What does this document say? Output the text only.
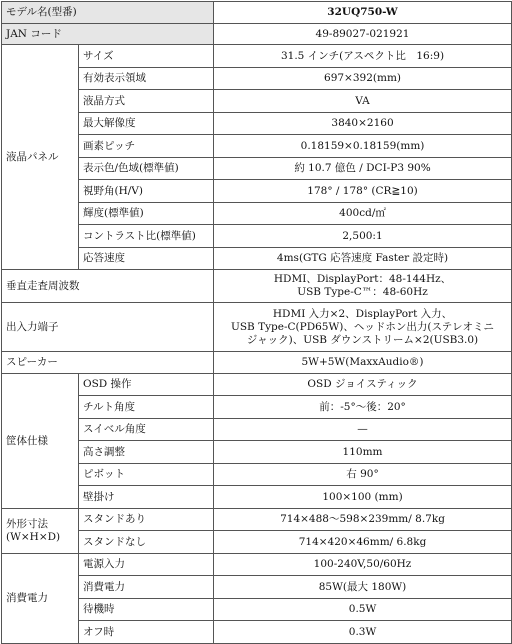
モデル名(型番)		32UQ750-W
JAN コード		49-89027-021921
液晶パネル	サイズ	31.5 インチ(アスペクト比　16:9)
	有効表示領域	697×392(mm)
	液晶方式	VA
	最大解像度	3840×2160
	画素ピッチ	0.18159×0.18159(mm)
	表示色/色域(標準値)	約 10.7 億色 / DCI-P3 90%
	視野角(H/V)	178° / 178° (CR≧10)
	輝度(標準値)	400cd/㎡
	コントラスト比(標準値)	2,500:1
	応答速度	4ms(GTG 応答速度 Faster 設定時)
垂直走査周波数		HDMI、DisplayPort：48-144Hz、
USB Type-C™：48-60Hz

出入力端子		HDMI 入力×2、DisplayPort 入力、
USB Type-C(PD65W)、ヘッドホン出力(ステレオミニ
ジャック)、USB ダウンストリーム×2(USB3.0)

スピーカー		5W+5W(MaxxAudio®)
筐体仕様	OSD 操作	OSD ジョイスティック
	チルト角度	前：-5°～後：20°
	スイベル角度	—
	高さ調整	110mm
	ピボット	右 90°
	壁掛け	100×100 (mm)

外形寸法
(W×H×D)	スタンドあり	714×488～598×239mm/ 8.7kg
	スタンドなし	714×420×46mm/ 6.8kg
消費電力	電源入力	100-240V,50/60Hz
	消費電力	85W(最大 180W)
	待機時	0.5W
	オフ時	0.3W
